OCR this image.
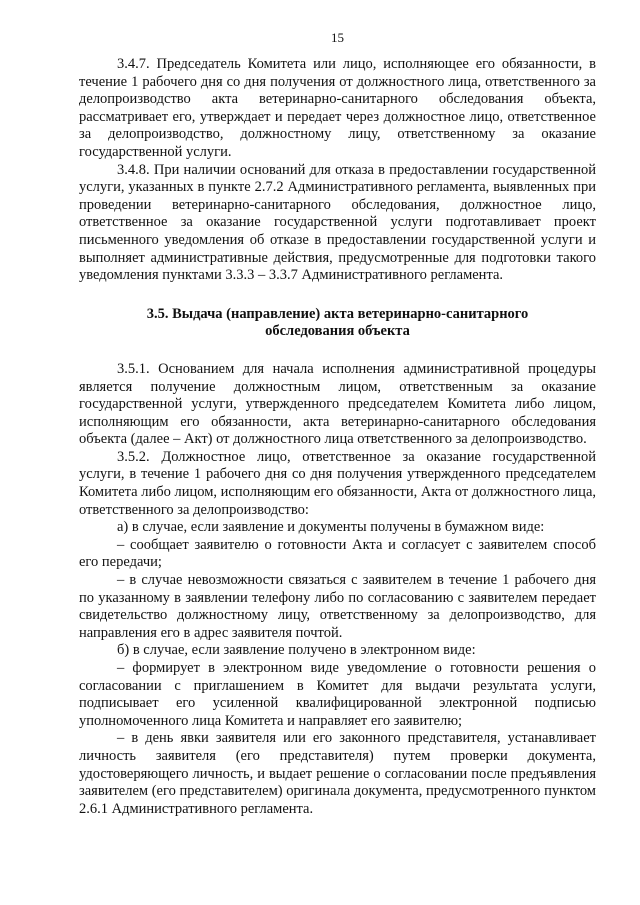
15

3.4.7. Председатель Комитета или лицо, исполняющее его обязанности, в течение 1 рабочего дня со дня получения от должностного лица, ответственного за делопроизводство акта ветеринарно-санитарного обследования объекта, рассматривает его, утверждает и передает через должностное лицо, ответственное за делопроизводство, должностному лицу, ответственному за оказание государственной услуги.

3.4.8. При наличии оснований для отказа в предоставлении государственной услуги, указанных в пункте 2.7.2 Административного регламента, выявленных при проведении ветеринарно-санитарного обследования, должностное лицо, ответственное за оказание государственной услуги подготавливает проект письменного уведомления об отказе в предоставлении государственной услуги и выполняет административные действия, предусмотренные для подготовки такого уведомления пунктами 3.3.3 – 3.3.7 Административного регламента.

3.5. Выдача (направление) акта ветеринарно-санитарного
обследования объекта

3.5.1. Основанием для начала исполнения административной процедуры является получение должностным лицом, ответственным за оказание государственной услуги, утвержденного председателем Комитета либо лицом, исполняющим его обязанности, акта ветеринарно-санитарного обследования объекта (далее – Акт) от должностного лица ответственного за делопроизводство.

3.5.2. Должностное лицо, ответственное за оказание государственной услуги, в течение 1 рабочего дня со дня получения утвержденного председателем Комитета либо лицом, исполняющим его обязанности, Акта от должностного лица, ответственного за делопроизводство:

а) в случае, если заявление и документы получены в бумажном виде:

– сообщает заявителю о готовности Акта и согласует с заявителем способ его передачи;

– в случае невозможности связаться с заявителем в течение 1 рабочего дня по указанному в заявлении телефону либо по согласованию с заявителем передает свидетельство должностному лицу, ответственному за делопроизводство, для направления его в адрес заявителя почтой.

б) в случае, если заявление получено в электронном виде:

– формирует в электронном виде уведомление о готовности решения о согласовании с приглашением в Комитет для выдачи результата услуги, подписывает его усиленной квалифицированной электронной подписью уполномоченного лица Комитета и направляет его заявителю;

– в день явки заявителя или его законного представителя, устанавливает личность заявителя (его представителя) путем проверки документа, удостоверяющего личность, и выдает решение о согласовании после предъявления заявителем (его представителем) оригинала документа, предусмотренного пунктом 2.6.1 Административного регламента.
